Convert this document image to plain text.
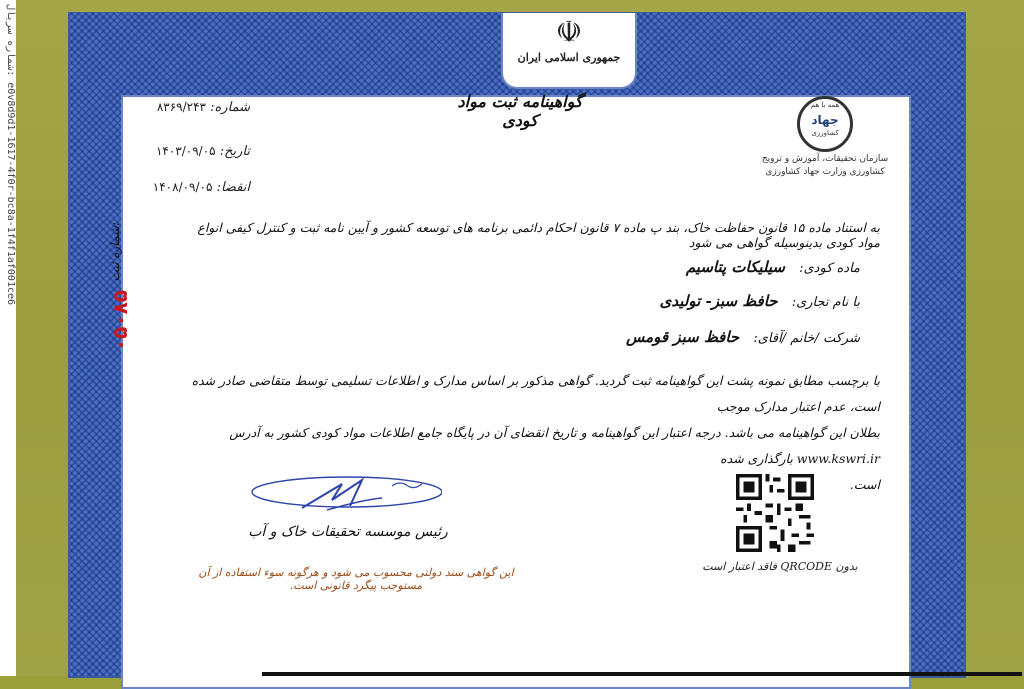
شماره سریال: e0v8d9d1-1617-4f0r-bc8a-1f4f1af001ce6
☫
جمهوری اسلامی ایران
گواهینامه ثبت مواد کودی
شماره: ۸۳۶۹/۲۴۳
تاریخ: ۱۴۰۳/۰۹/۰۵
انقضا: ۱۴۰۸/۰۹/۰۵
همه با هم
جهاد
کشاورزی
سازمان تحقیقات، آموزش و ترویج
کشاورزی وزارت جهاد کشاورزی
به استناد ماده ۱۵ قانون حفاظت خاک، بند پ ماده ۷ قانون احکام دائمی برنامه های توسعه کشور و آیین نامه ثبت و کنترل کیفی انواع مواد کودی بدینوسیله گواهی می شود
ماده کودی: سیلیکات پتاسیم
با نام تجاری: حافظ سبز- تولیدی
شرکت /خانم /آقای: حافظ سبز قومس
شماره ثبت:
۰۵۰۸۵
با برچسب مطابق نمونه پشت این گواهینامه ثبت گردید. گواهی مذکور بر اساس مدارک و اطلاعات تسلیمی توسط متقاضی صادر شده است، عدم اعتبار مدارک موجب
بطلان این گواهینامه می باشد. درجه اعتبار این گواهینامه و تاریخ انقضای آن در پایگاه جامع اطلاعات مواد کودی کشور به آدرس www.kswri.ir بارگذاری شده
است.
بدون QRCODE فاقد اعتبار است
رئیس موسسه تحقیقات خاک و آب
این گواهی سند دولتی محسوب می شود و هرگونه سوء استفاده از آن مستوجب پیگرد قانونی است.
